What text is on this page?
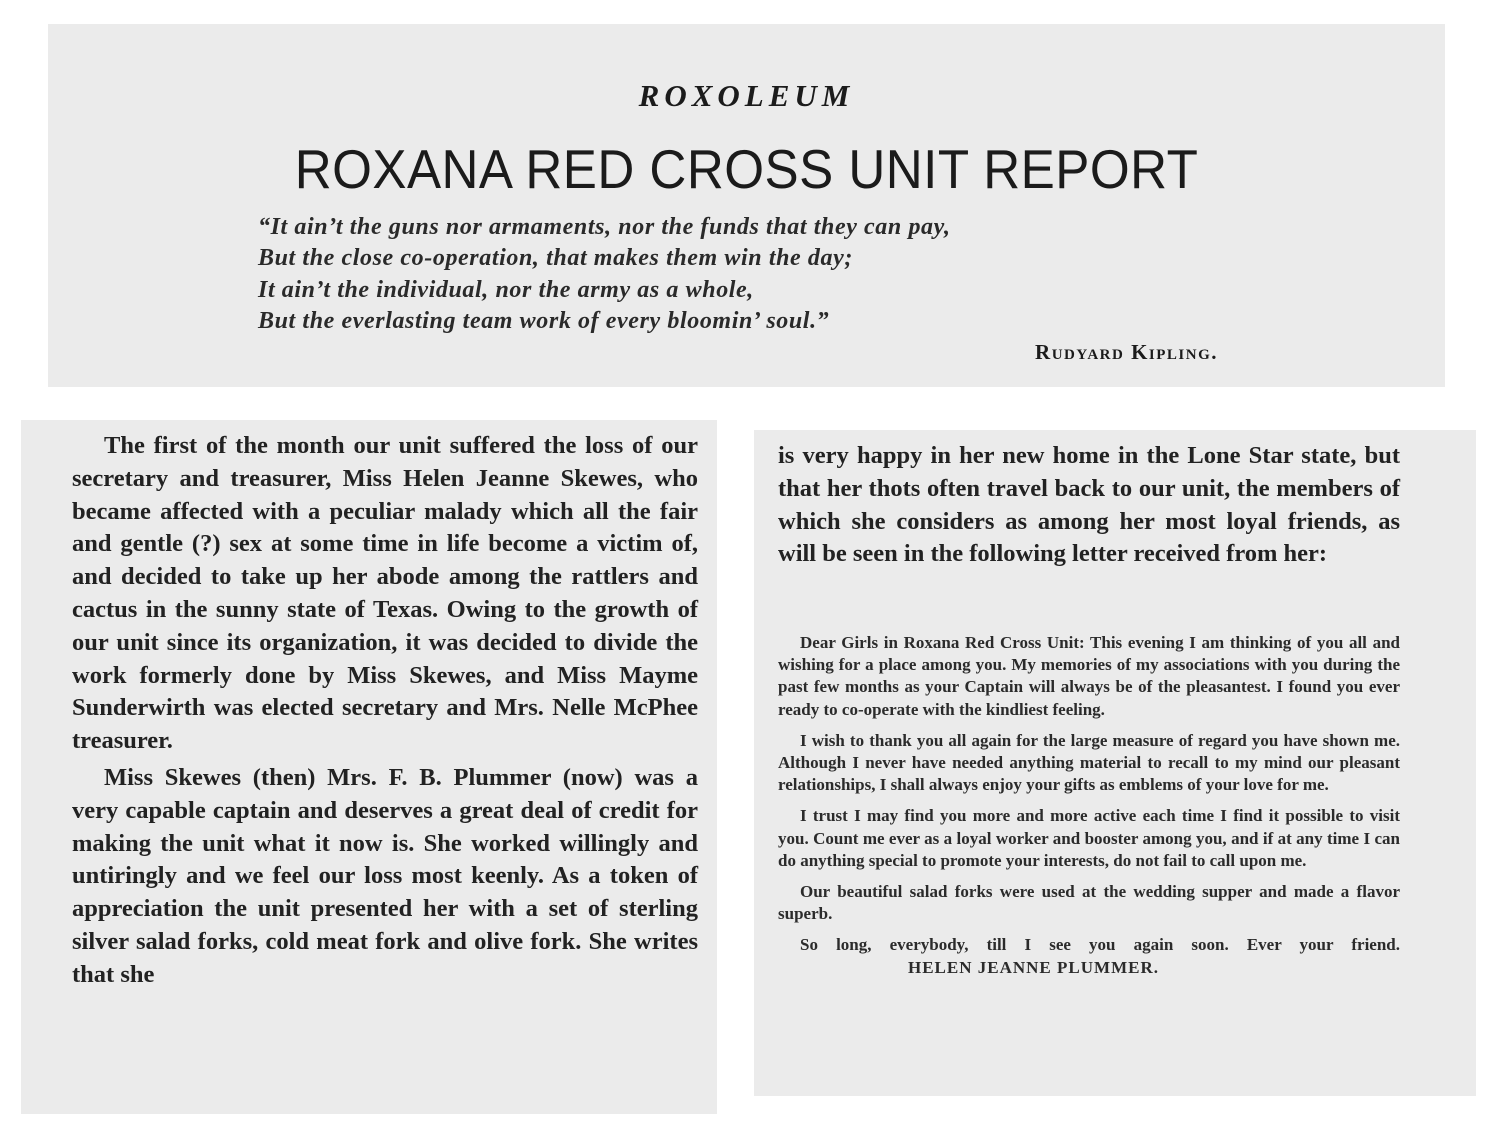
ROXOLEUM
ROXANA RED CROSS UNIT REPORT
“It ain’t the guns nor armaments, nor the funds that they can pay,
But the close co-operation, that makes them win the day;
It ain’t the individual, nor the army as a whole,
But the everlasting team work of every bloomin’ soul.”
Rudyard Kipling.

The first of the month our unit suffered the loss of our secretary and treasurer, Miss Helen Jeanne Skewes, who became affected with a peculiar malady which all the fair and gentle (?) sex at some time in life become a victim of, and decided to take up her abode among the rattlers and cactus in the sunny state of Texas. Owing to the growth of our unit since its organization, it was decided to divide the work formerly done by Miss Skewes, and Miss Mayme Sunderwirth was elected secretary and Mrs. Nelle McPhee treasurer.

Miss Skewes (then) Mrs. F. B. Plummer (now) was a very capable captain and deserves a great deal of credit for making the unit what it now is. She worked willingly and untiringly and we feel our loss most keenly. As a token of appreciation the unit presented her with a set of sterling silver salad forks, cold meat fork and olive fork. She writes that she

is very happy in her new home in the Lone Star state, but that her thots often travel back to our unit, the members of which she considers as among her most loyal friends, as will be seen in the following letter received from her:

Dear Girls in Roxana Red Cross Unit: This evening I am thinking of you all and wishing for a place among you. My memories of my associations with you during the past few months as your Captain will always be of the pleasantest. I found you ever ready to co-operate with the kindliest feeling.

I wish to thank you all again for the large measure of regard you have shown me. Although I never have needed anything material to recall to my mind our pleasant relationships, I shall always enjoy your gifts as emblems of your love for me.

I trust I may find you more and more active each time I find it possible to visit you. Count me ever as a loyal worker and booster among you, and if at any time I can do anything special to promote your interests, do not fail to call upon me.

Our beautiful salad forks were used at the wedding supper and made a flavor superb.

So long, everybody, till I see you again soon. Ever your friend. HELEN JEANNE PLUMMER.
